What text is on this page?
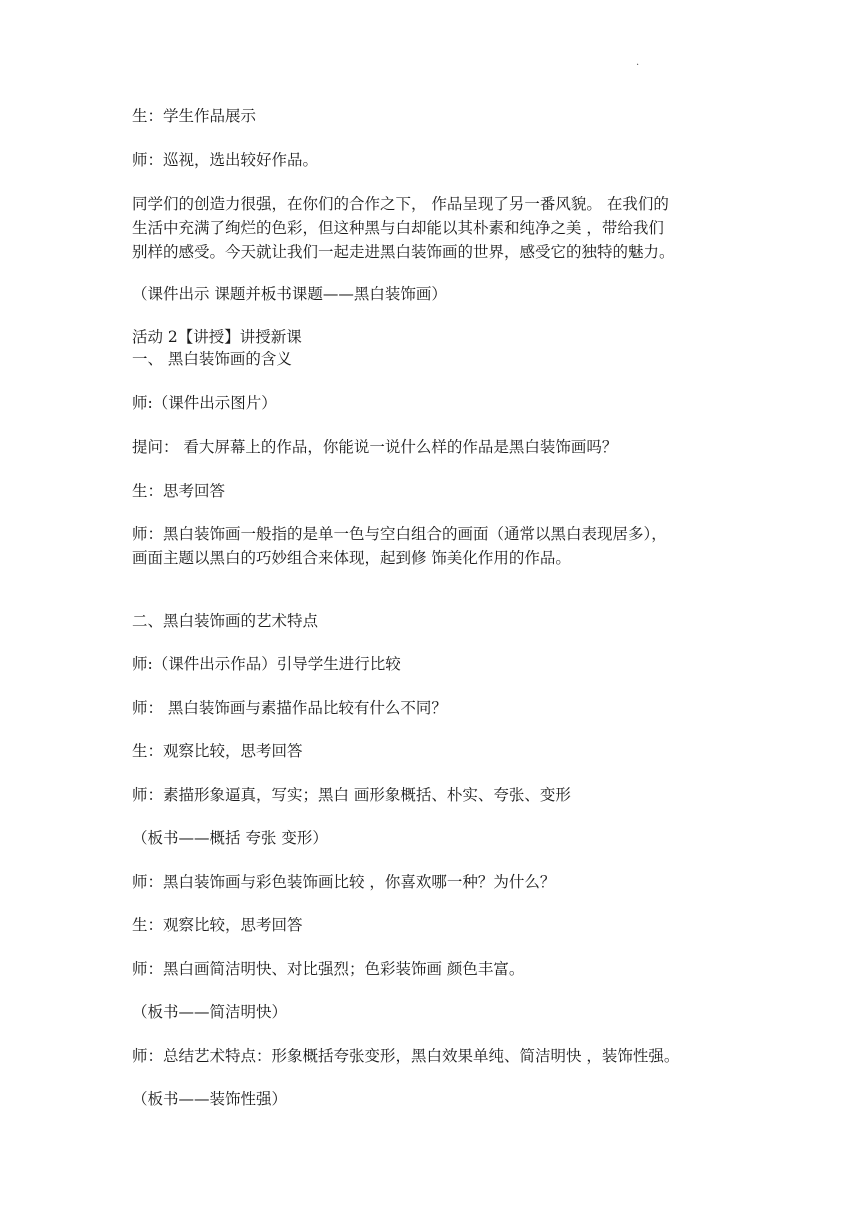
.
生：学生作品展示
师：巡视，选出较好作品。
同学们的创造力很强，在你们的合作之下， 作品呈现了另一番风貌。 在我们的
生活中充满了绚烂的色彩，但这种黑与白却能以其朴素和纯净之美 ，带给我们
别样的感受。今天就让我们一起走进黑白装饰画的世界，感受它的独特的魅力。
（课件出示 课题并板书课题——黑白装饰画）
活动 2【讲授】讲授新课
一、 黑白装饰画的含义
师:（课件出示图片）
提问： 看大屏幕上的作品，你能说一说什么样的作品是黑白装饰画吗？
生：思考回答
师：黑白装饰画一般指的是单一色与空白组合的画面（通常以黑白表现居多），
画面主题以黑白的巧妙组合来体现，起到修 饰美化作用的作品。
二、黑白装饰画的艺术特点
师:（课件出示作品）引导学生进行比较
师： 黑白装饰画与素描作品比较有什么不同？
生：观察比较，思考回答
师：素描形象逼真，写实；黑白 画形象概括、朴实、夸张、变形
（板书——概括 夸张 变形）
师：黑白装饰画与彩色装饰画比较 ，你喜欢哪一种？为什么？
生：观察比较，思考回答
师：黑白画简洁明快、对比强烈；色彩装饰画 颜色丰富。
（板书——简洁明快）
师：总结艺术特点：形象概括夸张变形，黑白效果单纯、简洁明快 ，装饰性强。
（板书——装饰性强）
